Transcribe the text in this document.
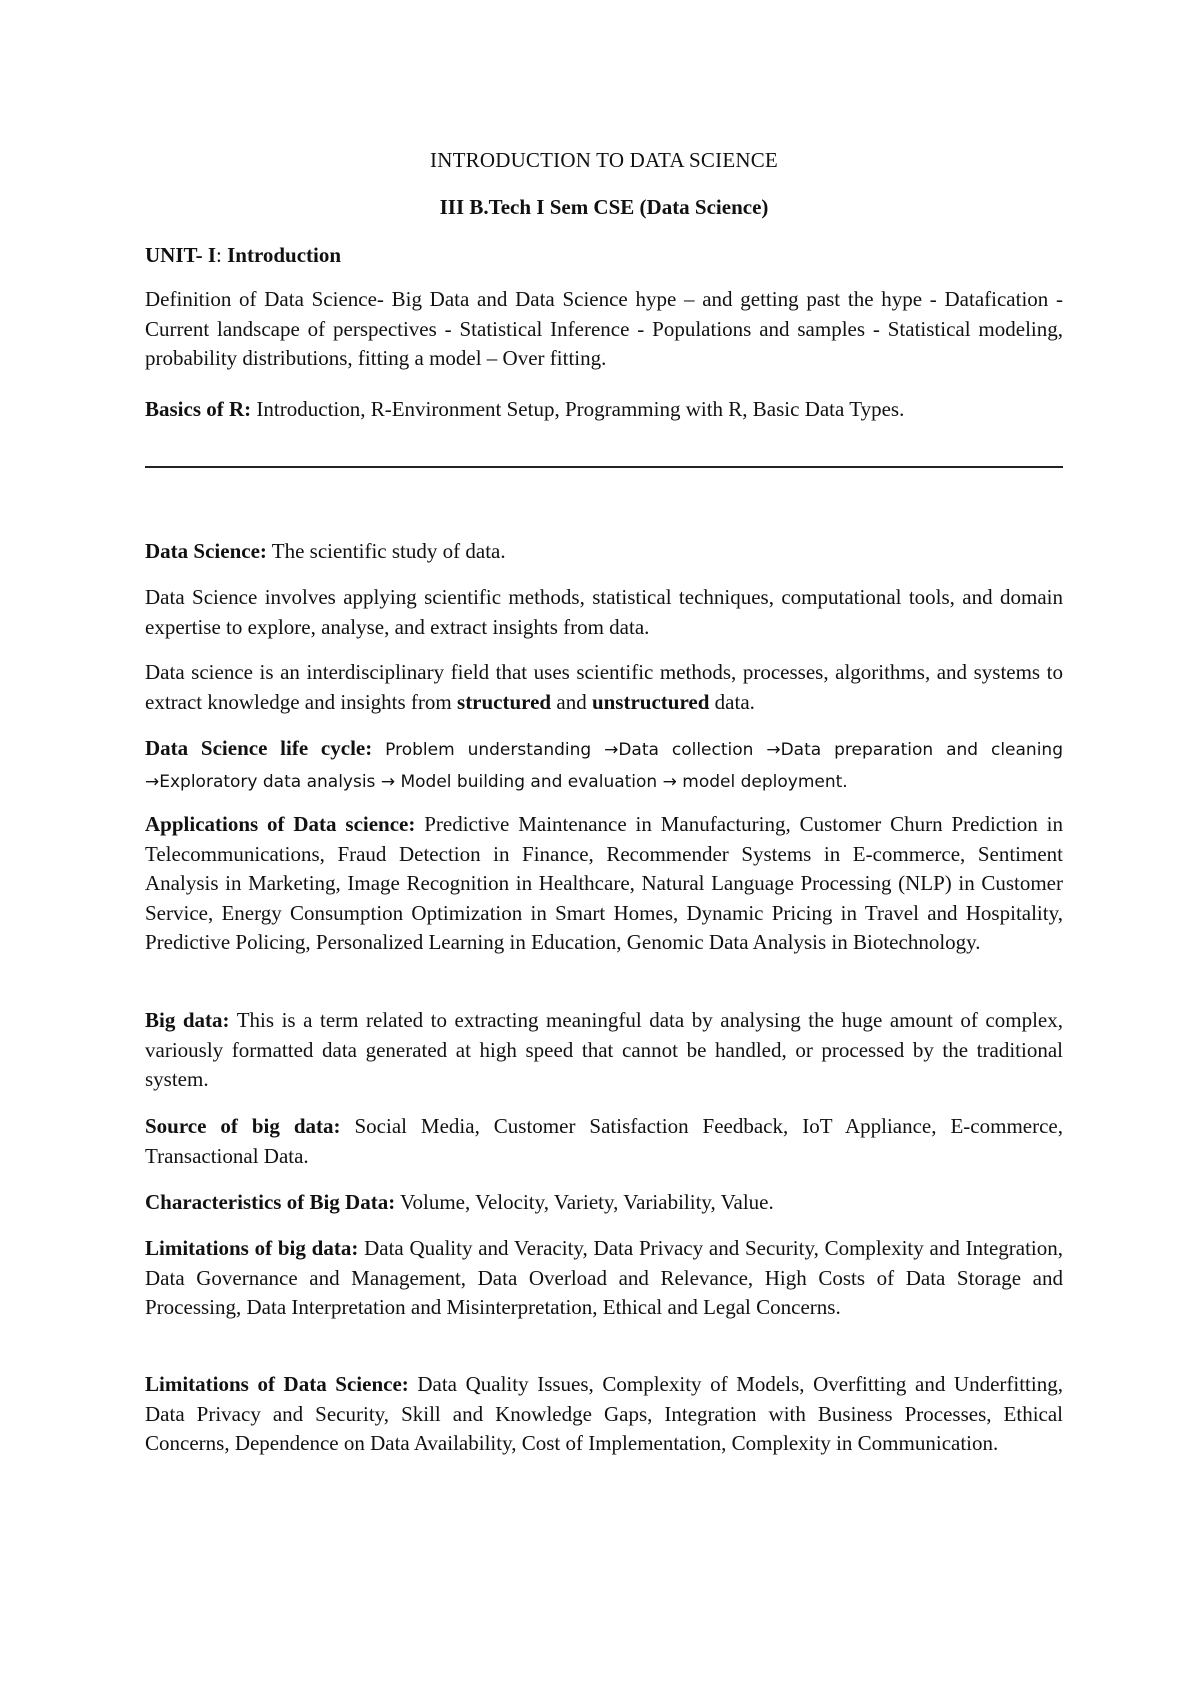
INTRODUCTION TO DATA SCIENCE

III B.Tech I Sem CSE (Data Science)

UNIT- I: Introduction

Definition of Data Science- Big Data and Data Science hype – and getting past the hype - Datafication - Current landscape of perspectives - Statistical Inference - Populations and samples - Statistical modeling, probability distributions, fitting a model – Over fitting.

Basics of R: Introduction, R-Environment Setup, Programming with R, Basic Data Types.

Data Science: The scientific study of data.

Data Science involves applying scientific methods, statistical techniques, computational tools, and domain expertise to explore, analyse, and extract insights from data.

Data science is an interdisciplinary field that uses scientific methods, processes, algorithms, and systems to extract knowledge and insights from structured and unstructured data.

Data Science life cycle: Problem understanding →Data collection →Data preparation and cleaning →Exploratory data analysis → Model building and evaluation → model deployment.

Applications of Data science: Predictive Maintenance in Manufacturing, Customer Churn Prediction in Telecommunications, Fraud Detection in Finance, Recommender Systems in E-commerce, Sentiment Analysis in Marketing, Image Recognition in Healthcare, Natural Language Processing (NLP) in Customer Service, Energy Consumption Optimization in Smart Homes, Dynamic Pricing in Travel and Hospitality, Predictive Policing, Personalized Learning in Education, Genomic Data Analysis in Biotechnology.

Big data: This is a term related to extracting meaningful data by analysing the huge amount of complex, variously formatted data generated at high speed that cannot be handled, or processed by the traditional system.

Source of big data: Social Media, Customer Satisfaction Feedback, IoT Appliance, E-commerce, Transactional Data.

Characteristics of Big Data: Volume, Velocity, Variety, Variability, Value.

Limitations of big data: Data Quality and Veracity, Data Privacy and Security, Complexity and Integration, Data Governance and Management, Data Overload and Relevance, High Costs of Data Storage and Processing, Data Interpretation and Misinterpretation, Ethical and Legal Concerns.

Limitations of Data Science: Data Quality Issues, Complexity of Models, Overfitting and Underfitting, Data Privacy and Security, Skill and Knowledge Gaps, Integration with Business Processes, Ethical Concerns, Dependence on Data Availability, Cost of Implementation, Complexity in Communication.
